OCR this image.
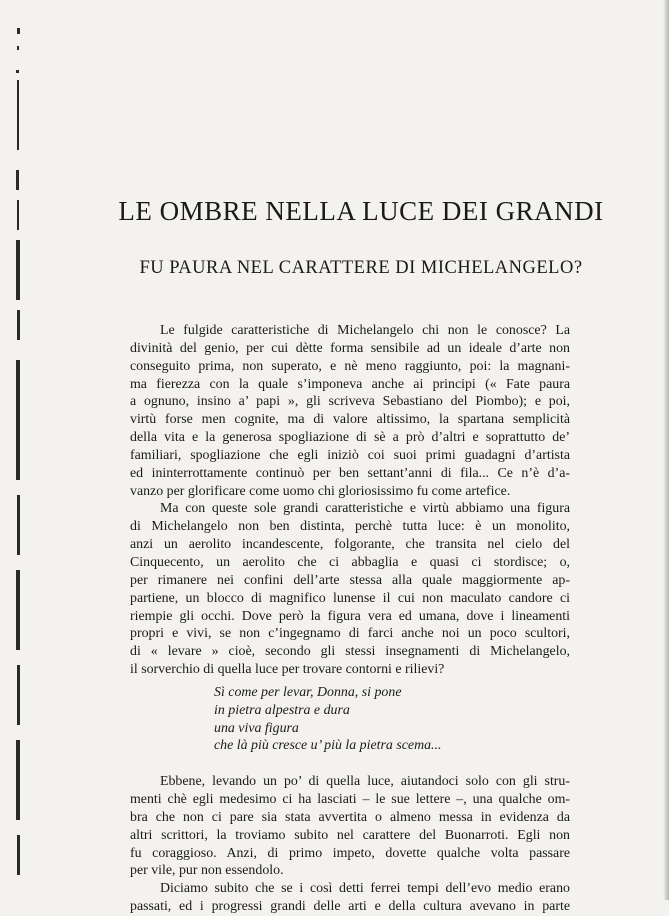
LE OMBRE NELLA LUCE DEI GRANDI
FU PAURA NEL CARATTERE DI MICHELANGELO?
Le fulgide caratteristiche di Michelangelo chi non le conosce? La
divinità del genio, per cui dètte forma sensibile ad un ideale d’arte non
conseguito prima, non superato, e nè meno raggiunto, poi: la magnani-
ma fierezza con la quale s’imponeva anche ai principi (« Fate paura
a ognuno, insino a’ papi », gli scriveva Sebastiano del Piombo); e poi,
virtù forse men cognite, ma di valore altissimo, la spartana semplicità
della vita e la generosa spogliazione di sè a prò d’altri e soprattutto de’
familiari, spogliazione che egli iniziò coi suoi primi guadagni d’artista
ed ininterrottamente continuò per ben settant’anni di fila... Ce n’è d’a-
vanzo per glorificare come uomo chi gloriosissimo fu come artefice.
Ma con queste sole grandi caratteristiche e virtù abbiamo una figura
di Michelangelo non ben distinta, perchè tutta luce: è un monolito,
anzi un aerolito incandescente, folgorante, che transita nel cielo del
Cinquecento, un aerolito che ci abbaglia e quasi ci stordisce; o,
per rimanere nei confini dell’arte stessa alla quale maggiormente ap-
partiene, un blocco di magnifico lunense il cui non maculato candore ci
riempie gli occhi. Dove però la figura vera ed umana, dove i lineamenti
propri e vivi, se non c’ingegnamo di farci anche noi un poco scultori,
di « levare » cioè, secondo gli stessi insegnamenti di Michelangelo,
il sorverchio di quella luce per trovare contorni e rilievi?
Sì come per levar, Donna, si pone
in pietra alpestra e dura
una viva figura
che là più cresce u’ più la pietra scema...
Ebbene, levando un po’ di quella luce, aiutandoci solo con gli stru-
menti chè egli medesimo ci ha lasciati – le sue lettere –, una qualche om-
bra che non ci pare sia stata avvertita o almeno messa in evidenza da
altri scrittori, la troviamo subito nel carattere del Buonarroti. Egli non
fu coraggioso. Anzi, di primo impeto, dovette qualche volta passare
per vile, pur non essendolo.
Diciamo subito che se i così detti ferrei tempi dell’evo medio erano
passati, ed i progressi grandi delle arti e della cultura avevano in parte
